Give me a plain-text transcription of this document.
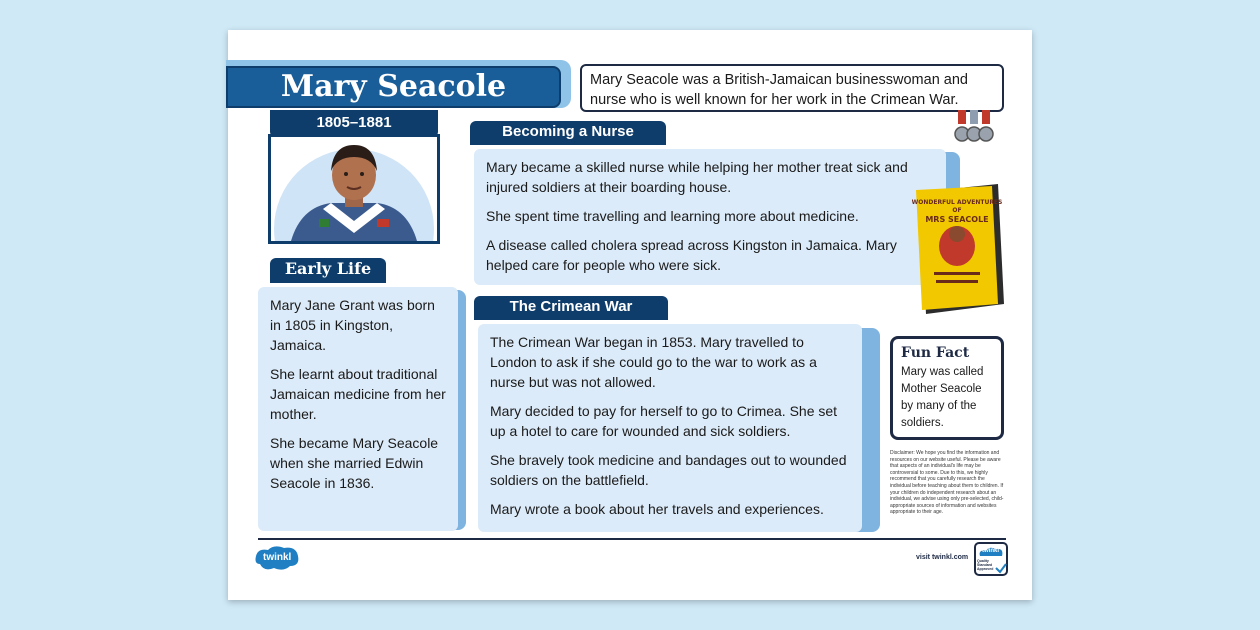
Mary Seacole
1805–1881
Mary Seacole was a British-Jamaican businesswoman and nurse who is well known for her work in the Crimean War.
Becoming a Nurse

Mary became a skilled nurse while helping her mother treat sick and injured soldiers at their boarding house.

She spent time travelling and learning more about medicine.

A disease called cholera spread across Kingston in Jamaica. Mary helped care for people who were sick.

WONDERFUL ADVENTURES
OF
MRS SEACOLE
Early Life

Mary Jane Grant was born in 1805 in Kingston, Jamaica.

She learnt about traditional Jamaican medicine from her mother.

She became Mary Seacole when she married Edwin Seacole in 1836.

The Crimean War

The Crimean War began in 1853. Mary travelled to London to ask if she could go to the war to work as a nurse but was not allowed.

Mary decided to pay for herself to go to Crimea. She set up a hotel to care for wounded and sick soldiers.

She bravely took medicine and bandages out to wounded soldiers on the battlefield.

Mary wrote a book about her travels and experiences.

Fun Fact
Mary was called Mother Seacole by many of the soldiers.
Disclaimer: We hope you find the information and resources on our website useful. Please be aware that aspects of an individual's life may be controversial to some. Due to this, we highly recommend that you carefully research the individual before teaching about them to children. If your children do independent research about an individual, we advise using only pre-selected, child-appropriate sources of information and websites appropriate to their age.
twinkl	visit twinkl.com
twinkl
Quality Standard Approved
